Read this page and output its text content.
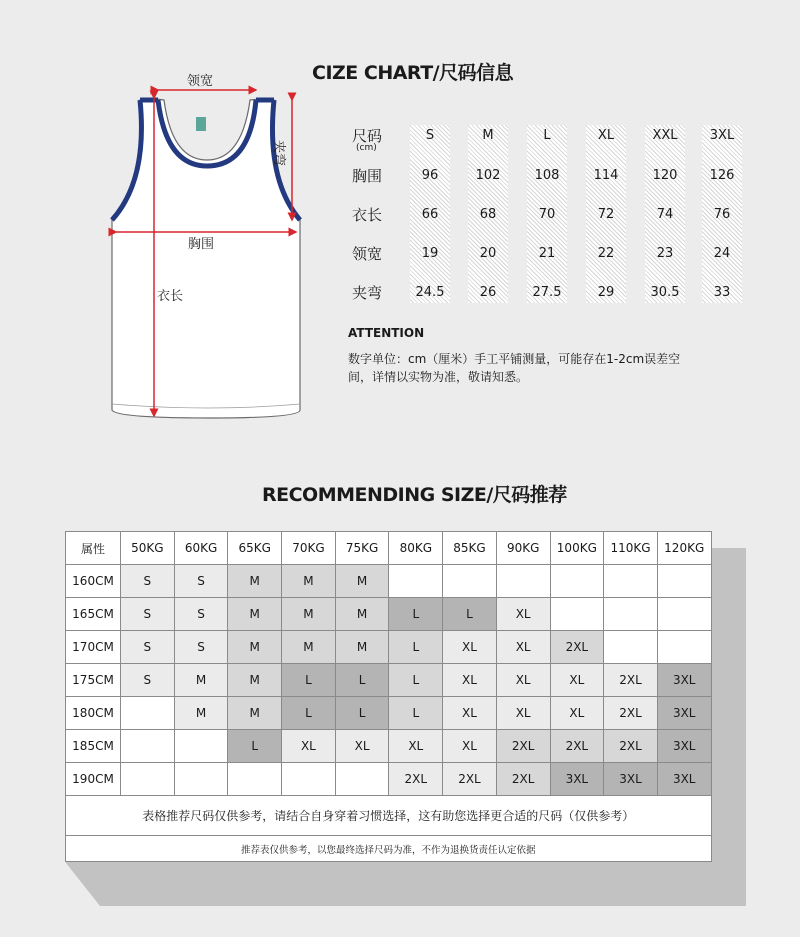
领宽
夹弯
胸围
衣长
CIZE CHART/尺码信息
尺码
(cm)
S	M	L	XL	XXL	3XL
胸围	96	102	108	114	120	126
衣长	66	68	70	72	74	76
领宽	19	20	21	22	23	24
夹弯	24.5	26	27.5	29	30.5	33
ATTENTION
数字单位：cm（厘米）手工平铺测量，可能存在1-2cm误差空间，详情以实物为准，敬请知悉。
RECOMMENDING SIZE/尺码推荐
属性	50KG	60KG	65KG	70KG	75KG	80KG	85KG	90KG	100KG	110KG	120KG
160CM	S	S	M	M	M						
165CM	S	S	M	M	M	L	L	XL			
170CM	S	S	M	M	M	L	XL	XL	2XL		
175CM	S	M	M	L	L	L	XL	XL	XL	2XL	3XL
180CM		M	M	L	L	L	XL	XL	XL	2XL	3XL
185CM			L	XL	XL	XL	XL	2XL	2XL	2XL	3XL
190CM						2XL	2XL	2XL	3XL	3XL	3XL
表格推荐尺码仅供参考，请结合自身穿着习惯选择，这有助您选择更合适的尺码（仅供参考）											
推荐表仅供参考，以您最终选择尺码为准，不作为退换货责任认定依据											
